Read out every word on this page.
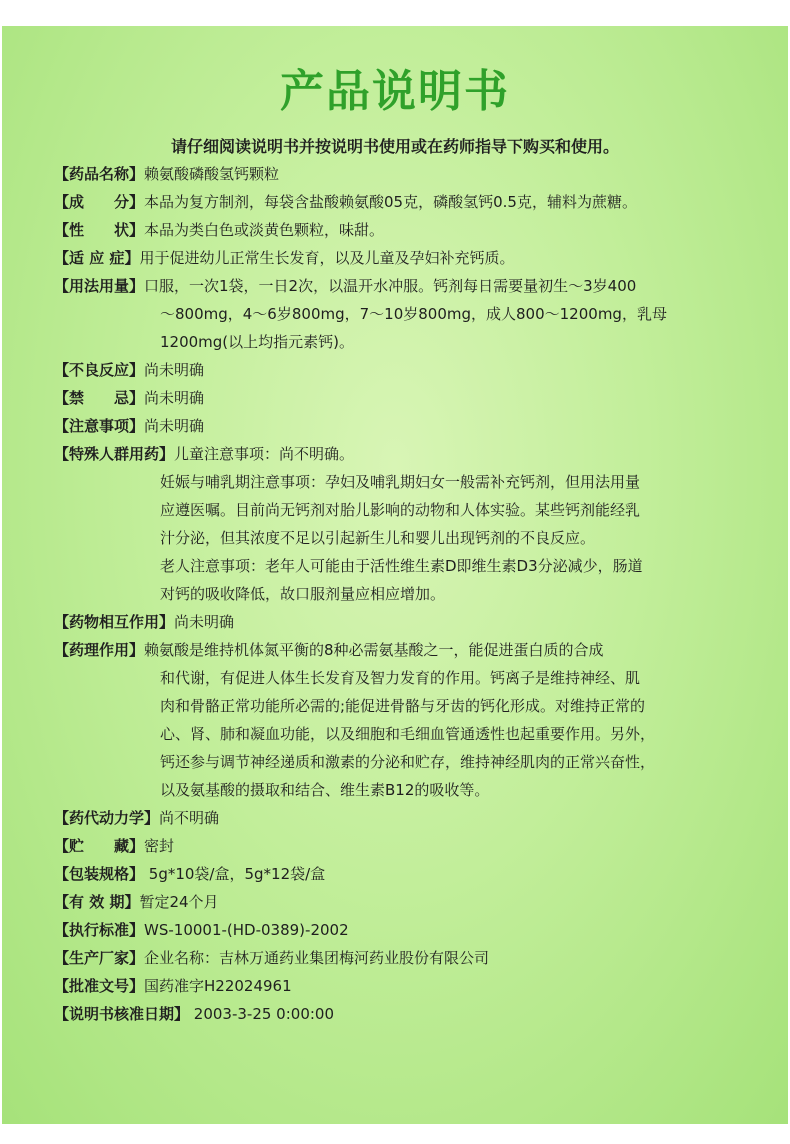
产品说明书
请仔细阅读说明书并按说明书使用或在药师指导下购买和使用。

【药品名称】赖氨酸磷酸氢钙颗粒

【成　　分】本品为复方制剂，每袋含盐酸赖氨酸05克，磷酸氢钙0.5克，辅料为蔗糖。

【性　　状】本品为类白色或淡黄色颗粒，味甜。

【适 应 症】用于促进幼儿正常生长发育，以及儿童及孕妇补充钙质。

【用法用量】口服，一次1袋，一日2次，以温开水冲服。钙剂每日需要量初生～3岁400

～800mg，4～6岁800mg，7～10岁800mg，成人800～1200mg，乳母

1200mg(以上均指元素钙)。

【不良反应】尚未明确

【禁　　忌】尚未明确

【注意事项】尚未明确

【特殊人群用药】儿童注意事项：尚不明确。

妊娠与哺乳期注意事项：孕妇及哺乳期妇女一般需补充钙剂，但用法用量

应遵医嘱。目前尚无钙剂对胎儿影响的动物和人体实验。某些钙剂能经乳

汁分泌，但其浓度不足以引起新生儿和婴儿出现钙剂的不良反应。

老人注意事项：老年人可能由于活性维生素D即维生素D3分泌减少，肠道

对钙的吸收降低，故口服剂量应相应增加。

【药物相互作用】尚未明确

【药理作用】赖氨酸是维持机体氮平衡的8种必需氨基酸之一，能促进蛋白质的合成

和代谢，有促进人体生长发育及智力发育的作用。钙离子是维持神经、肌

肉和骨骼正常功能所必需的;能促进骨骼与牙齿的钙化形成。对维持正常的

心、肾、肺和凝血功能，以及细胞和毛细血管通透性也起重要作用。另外，

钙还参与调节神经递质和激素的分泌和贮存，维持神经肌肉的正常兴奋性，

以及氨基酸的摄取和结合、维生素B12的吸收等。

【药代动力学】尚不明确

【贮　　藏】密封

【包装规格】 5g*10袋/盒，5g*12袋/盒

【有 效 期】暂定24个月

【执行标准】WS-10001-(HD-0389)-2002

【生产厂家】企业名称：吉林万通药业集团梅河药业股份有限公司

【批准文号】国药准字H22024961

【说明书核准日期】 2003-3-25 0:00:00
